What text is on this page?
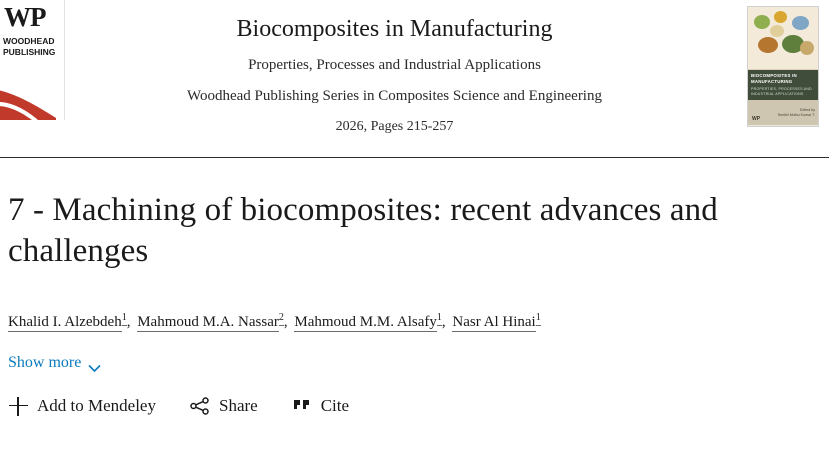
WP
WOODHEAD
PUBLISHING
Biocomposites in Manufacturing
Properties, Processes and Industrial Applications
Woodhead Publishing Series in Composites Science and Engineering
2026, Pages 215-257
BIOCOMPOSITES IN MANUFACTURING
PROPERTIES, PROCESSES AND INDUSTRIAL APPLICATIONS
Edited by
Senthil Muthu Kumar T.
WP
7 - Machining of biocomposites: recent advances and challenges
Khalid I. Alzebdeh$^1$, Mahmoud M.A. Nassar$^2$, Mahmoud M.M. Alsafy$^1$, Nasr Al Hinai$^1$
Show more
Add to Mendeley	Share	Cite
